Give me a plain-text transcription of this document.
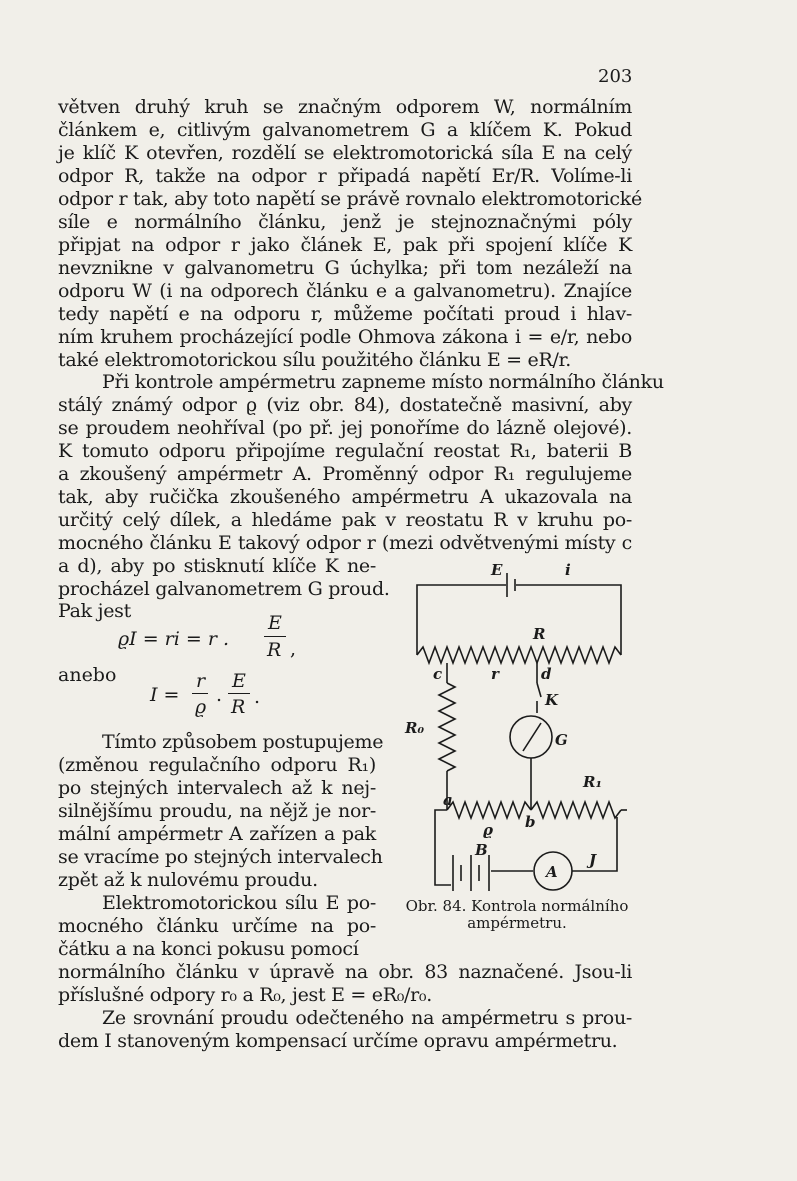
203
větven druhý kruh se značným odporem W, normálním
článkem e, citlivým galvanometrem G a klíčem K. Pokud
je klíč K otevřen, rozdělí se elektromotorická síla E na celý
odpor R, takže na odpor r připadá napětí Er/R. Volíme-li
odpor r tak, aby toto napětí se právě rovnalo elektromotorické
síle e normálního článku, jenž je stejnoznačnými póly
připjat na odpor r jako článek E, pak při spojení klíče K
nevznikne v galvanometru G úchylka; při tom nezáleží na
odporu W (i na odporech článku e a galvanometru). Znajíce
tedy napětí e na odporu r, můžeme počítati proud i hlav-
ním kruhem procházející podle Ohmova zákona i = e/r, nebo
také elektromotorickou sílu použitého článku E = eR/r.
Při kontrole ampérmetru zapneme místo normálního článku
stálý známý odpor ϱ (viz obr. 84), dostatečně masivní, aby
se proudem neohříval (po př. jej ponoříme do lázně olejové).
K tomuto odporu připojíme regulační reostat R₁, baterii B
a zkoušený ampérmetr A. Proměnný odpor R₁ regulujeme
tak, aby ručička zkoušeného ampérmetru A ukazovala na
určitý celý dílek, a hledáme pak v reostatu R v kruhu po-
mocného článku E takový odpor r (mezi odvětvenými místy c
a d), aby po stisknutí klíče K ne-
procházel galvanometrem G proud.
Pak jest
ϱI = ri = r .
E
R ,
anebo
I =
r
ϱ
.
E
R .
Tímto způsobem postupujeme
(změnou regulačního odporu R₁)
po stejných intervalech až k nej-
silnějšímu proudu, na nějž je nor-
mální ampérmetr A zařízen a pak
se vracíme po stejných intervalech
zpět až k nulovému proudu.
Elektromotorickou sílu E po-
mocného článku určíme na po-
čátku a na konci pokusu pomocí
normálního článku v úpravě na obr. 83 naznačené. Jsou-li
příslušné odpory r₀ a R₀, jest E = eR₀/r₀.
Ze srovnání proudu odečteného na ampérmetru s prou-
dem I stanoveným kompensací určíme opravu ampérmetru.
E	i
R
c	r	d
K
R₀
G
R₁
a
b
ϱ
B
A
J
Obr. 84. Kontrola normálního ampérmetru.
